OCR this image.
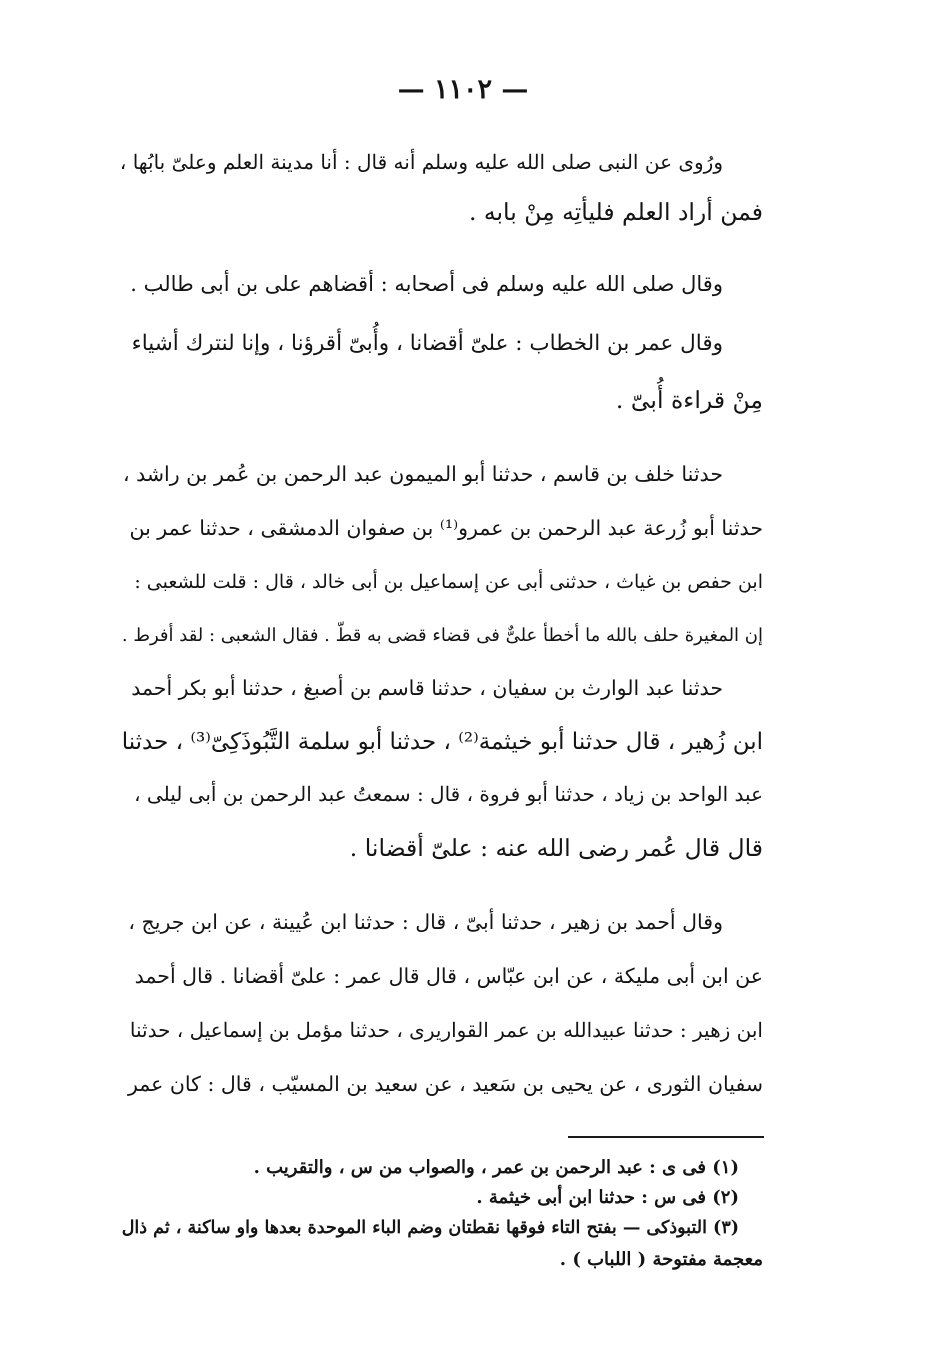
— ١١٠٢ —
ورُوى عن النبى صلى الله عليه وسلم أنه قال : أنا مدينة العلم وعلىّ بابُها ،
فمن أراد العلم فليأتِه مِنْ بابه .
وقال صلى الله عليه وسلم فى أصحابه : أقضاهم على بن أبى طالب .
وقال عمر بن الخطاب : علىّ أقضانا ، وأُبىّ أقرؤنا ، وإنا لنترك أشياء
مِنْ قراءة أُبىّ .
حدثنا خلف بن قاسم ، حدثنا أبو الميمون عبد الرحمن بن عُمر بن راشد ،
حدثنا أبو زُرعة عبد الرحمن بن عمرو⁽¹⁾ بن صفوان الدمشقى ، حدثنا عمر بن
ابن حفص بن غياث ، حدثنى أبى عن إسماعيل بن أبى خالد ، قال : قلت للشعبى :
إن المغيرة حلف بالله ما أخطأ علىٌّ فى قضاء قضى به قطّ . فقال الشعبى : لقد أفرط .
حدثنا عبد الوارث بن سفيان ، حدثنا قاسم بن أصبغ ، حدثنا أبو بكر أحمد
ابن زُهير ، قال حدثنا أبو خيثمة⁽²⁾ ، حدثنا أبو سلمة التَّبُوذَكِىّ⁽³⁾ ، حدثنا
عبد الواحد بن زياد ، حدثنا أبو فروة ، قال : سمعتُ عبد الرحمن بن أبى ليلى ،
قال قال عُمر رضى الله عنه : علىّ أقضانا .
وقال أحمد بن زهير ، حدثنا أبىّ ، قال : حدثنا ابن عُيينة ، عن ابن جريج ،
عن ابن أبى مليكة ، عن ابن عبّاس ، قال قال عمر : علىّ أقضانا . قال أحمد
ابن زهير : حدثنا عبيدالله بن عمر القواريرى ، حدثنا مؤمل بن إسماعيل ، حدثنا
سفيان الثورى ، عن يحيى بن سَعيد ، عن سعيد بن المسيّب ، قال : كان عمر
(١) فى ى : عبد الرحمن بن عمر ، والصواب من س ، والتقريب .
(٢) فى س : حدثنا ابن أبى خيثمة .
(٣) التبوذكى — بفتح التاء فوقها نقطتان وضم الباء الموحدة بعدها واو ساكنة ، ثم ذال
معجمة مفتوحة ( اللباب ) .
